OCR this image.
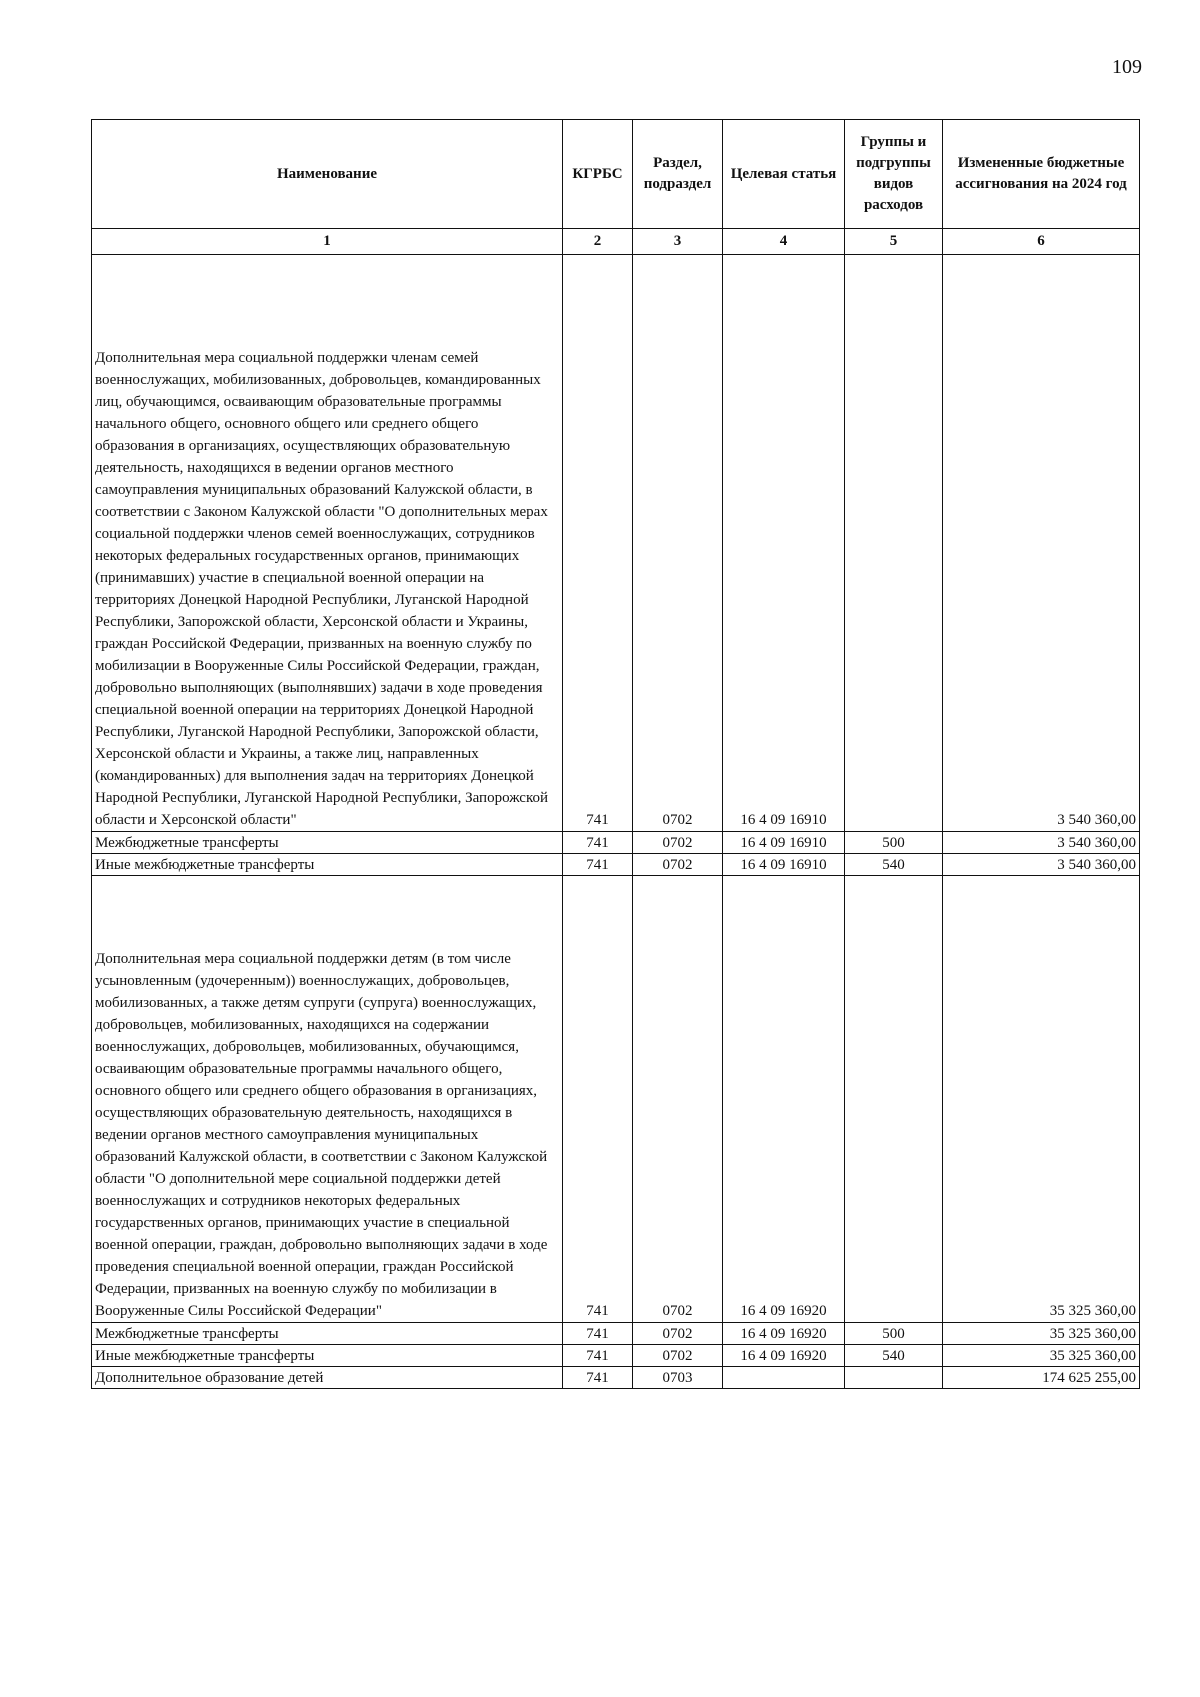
109
Наименование	КГРБС	Раздел, подраздел	Целевая статья	Группы и подгруппы видов расходов	Измененные бюджетные ассигнования на 2024 год
1	2	3	4	5	6
Дополнительная мера социальной поддержки членам семей военнослужащих, мобилизованных, добровольцев, командированных лиц, обучающимся, осваивающим образовательные программы начального общего, основного общего или среднего общего образования в организациях, осуществляющих образовательную деятельность, находящихся в ведении органов местного самоуправления муниципальных образований Калужской области, в соответствии с Законом Калужской области "О дополнительных мерах социальной поддержки членов семей военнослужащих, сотрудников некоторых федеральных государственных органов, принимающих (принимавших) участие в специальной военной операции на территориях Донецкой Народной Республики, Луганской Народной Республики, Запорожской области, Херсонской области и Украины, граждан Российской Федерации, призванных на военную службу по мобилизации в Вооруженные Силы Российской Федерации, граждан, добровольно выполняющих (выполнявших) задачи в ходе проведения специальной военной операции на территориях Донецкой Народной Республики, Луганской Народной Республики, Запорожской области, Херсонской области и Украины, а также лиц, направленных (командированных) для выполнения задач на территориях Донецкой Народной Республики, Луганской Народной Республики, Запорожской области и Херсонской области"	741	0702	16 4 09 16910		3 540 360,00
Межбюджетные трансферты	741	0702	16 4 09 16910	500	3 540 360,00
Иные межбюджетные трансферты	741	0702	16 4 09 16910	540	3 540 360,00
Дополнительная мера социальной поддержки детям (в том числе усыновленным (удочеренным)) военнослужащих, добровольцев, мобилизованных, а также детям супруги (супруга) военнослужащих, добровольцев, мобилизованных, находящихся на содержании военнослужащих, добровольцев, мобилизованных, обучающимся, осваивающим образовательные программы начального общего, основного общего или среднего общего образования в организациях, осуществляющих образовательную деятельность, находящихся в ведении органов местного самоуправления муниципальных образований Калужской области, в соответствии с Законом Калужской области "О дополнительной мере социальной поддержки детей военнослужащих и сотрудников некоторых федеральных государственных органов, принимающих участие в специальной военной операции, граждан, добровольно выполняющих задачи в ходе проведения специальной военной операции, граждан Российской Федерации, призванных на военную службу по мобилизации в Вооруженные Силы Российской Федерации"	741	0702	16 4 09 16920		35 325 360,00
Межбюджетные трансферты	741	0702	16 4 09 16920	500	35 325 360,00
Иные межбюджетные трансферты	741	0702	16 4 09 16920	540	35 325 360,00
Дополнительное образование детей	741	0703			174 625 255,00
